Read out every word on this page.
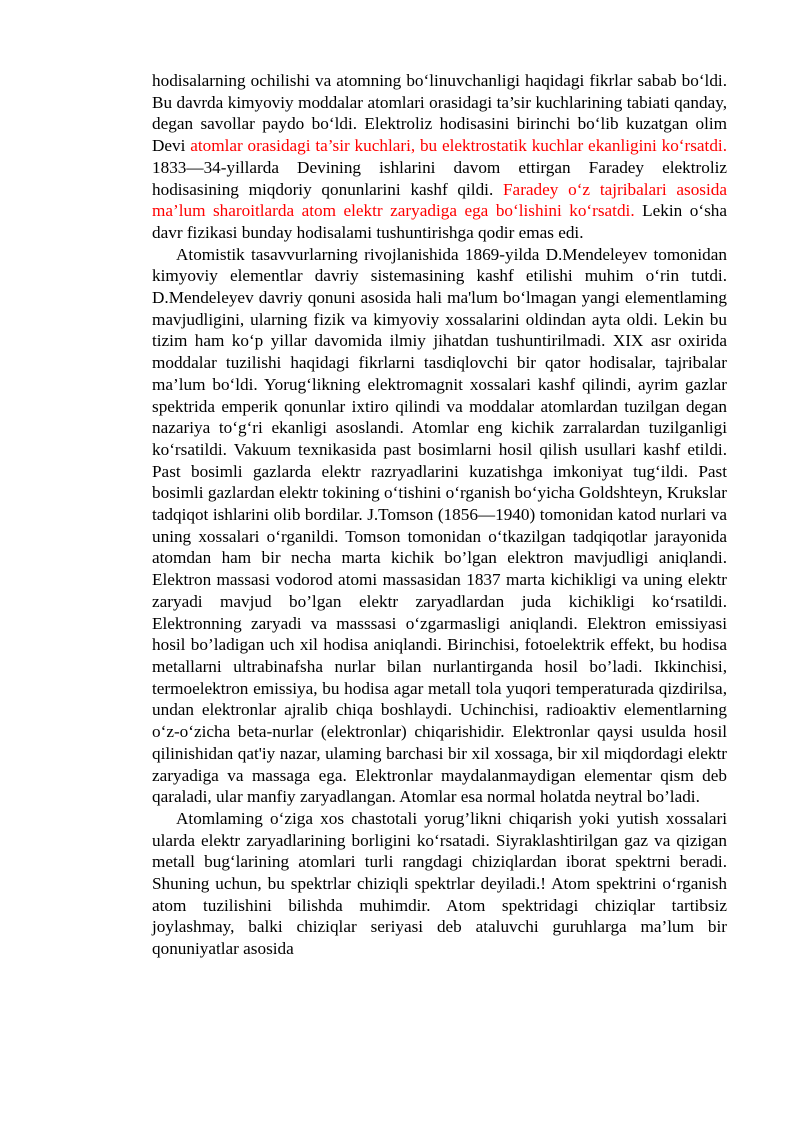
hodisalarning ochilishi va atomning bo‘linuvchanligi haqidagi fikrlar sabab bo‘ldi. Bu davrda kimyoviy moddalar atomlari orasidagi ta’sir kuchlarining tabiati qanday, degan savollar paydo bo‘ldi. Elektroliz hodisasini birinchi bo‘lib kuzatgan olim Devi atomlar orasidagi ta’sir kuchlari, bu elektrostatik kuchlar ekanligini ko‘rsatdi. 1833—34-yillarda Devining ishlarini davom ettirgan Faradey elektroliz hodisasining miqdoriy qonunlarini kashf qildi. Faradey o‘z tajribalari asosida ma’lum sharoitlarda atom elektr zaryadiga ega bo‘lishini ko‘rsatdi. Lekin o‘sha davr fizikasi bunday hodisalami tushuntirishga qodir emas edi.

Atomistik tasavvurlarning rivojlanishida 1869-yilda D.Mendeleyev tomonidan kimyoviy elementlar davriy sistemasining kashf etilishi muhim o‘rin tutdi. D.Mendeleyev davriy qonuni asosida hali ma'lum bo‘lmagan yangi elementlaming mavjudligini, ularning fizik va kimyoviy xossalarini oldindan ayta oldi. Lekin bu tizim ham ko‘p yillar davomida ilmiy jihatdan tushuntirilmadi. XIX asr oxirida moddalar tuzilishi haqidagi fikrlarni tasdiqlovchi bir qator hodisalar, tajribalar ma’lum bo‘ldi. Yorug‘likning elektromagnit xossalari kashf qilindi, ayrim gazlar spektrida emperik qonunlar ixtiro qilindi va moddalar atomlardan tuzilgan degan nazariya to‘g‘ri ekanligi asoslandi. Atomlar eng kichik zarralardan tuzilganligi ko‘rsatildi. Vakuum texnikasida past bosimlarni hosil qilish usullari kashf etildi. Past bosimli gazlarda elektr razryadlarini kuzatishga imkoniyat tug‘ildi. Past bosimli gazlardan elektr tokining o‘tishini o‘rganish bo‘yicha Goldshteyn, Krukslar tadqiqot ishlarini olib bordilar. J.Tomson (1856—1940) tomonidan katod nurlari va uning xossalari o‘rganildi. Tomson tomonidan o‘tkazilgan tadqiqotlar jarayonida atomdan ham bir necha marta kichik bo’lgan elektron mavjudligi aniqlandi. Elektron massasi vodorod atomi massasidan 1837 marta kichikligi va uning elektr zaryadi mavjud bo’lgan elektr zaryadlardan juda kichikligi ko‘rsatildi. Elektronning zaryadi va masssasi o‘zgarmasligi aniqlandi. Elektron emissiyasi hosil bo’ladigan uch xil hodisa aniqlandi. Birinchisi, fotoelektrik effekt, bu hodisa metallarni ultrabinafsha nurlar bilan nurlantirganda hosil bo’ladi. Ikkinchisi, termoelektron emissiya, bu hodisa agar metall tola yuqori temperaturada qizdirilsa, undan elektronlar ajralib chiqa boshlaydi. Uchinchisi, radioaktiv elementlarning o‘z-o‘zicha beta-nurlar (elektronlar) chiqarishidir. Elektronlar qaysi usulda hosil qilinishidan qat'iy nazar, ulaming barchasi bir xil xossaga, bir xil miqdordagi elektr zaryadiga va massaga ega. Elektronlar maydalanmaydigan elementar qism deb qaraladi, ular manfiy zaryadlangan. Atomlar esa normal holatda neytral bo’ladi.

Atomlaming o‘ziga xos chastotali yorug’likni chiqarish yoki yutish xossalari ularda elektr zaryadlarining borligini ko‘rsatadi. Siyraklashtirilgan gaz va qizigan metall bug‘larining atomlari turli rangdagi chiziqlardan iborat spektrni beradi. Shuning uchun, bu spektrlar chiziqli spektrlar deyiladi.! Atom spektrini o‘rganish atom tuzilishini bilishda muhimdir. Atom spektridagi chiziqlar tartibsiz joylashmay, balki chiziqlar seriyasi deb ataluvchi guruhlarga ma’lum bir qonuniyatlar asosida
